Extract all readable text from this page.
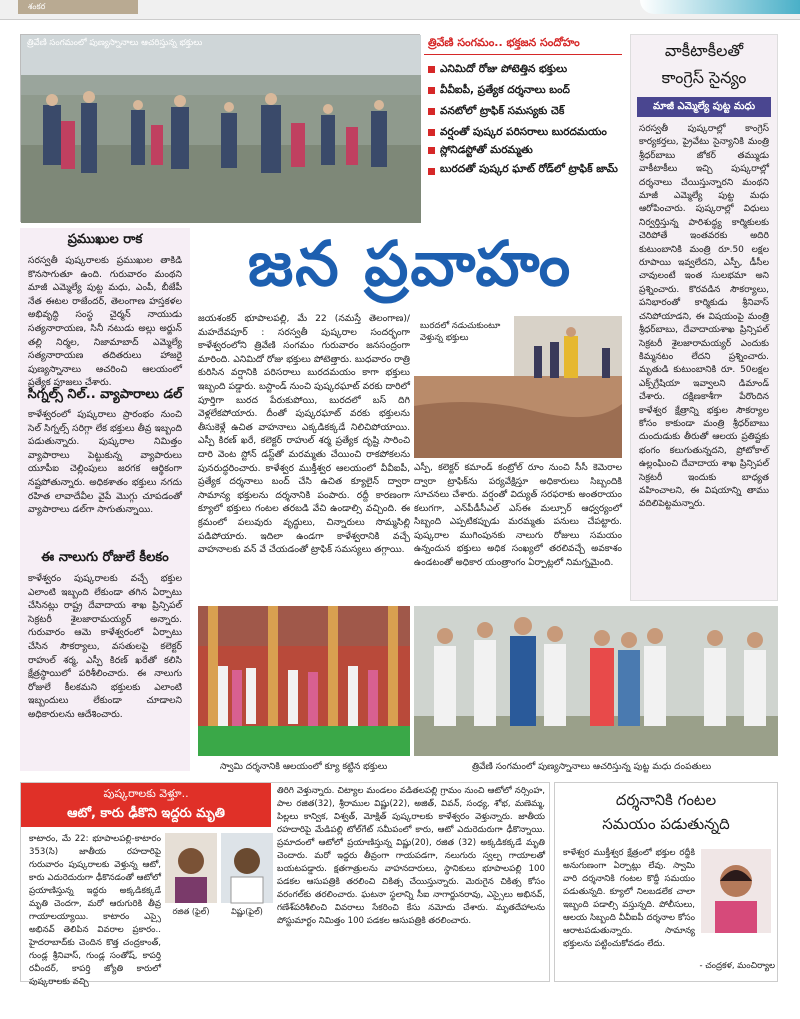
శంకర
త్రివేణి సంగమంలో పుణ్యస్నానాలు ఆచరిస్తున్న భక్తులు	త్రివేణి సంగమం.. భక్తజన సందోహం
ఎనిమిదో రోజు పోటెత్తిన భక్తులు
వీవీఐపీ, ప్రత్యేక దర్శనాలు బంద్
వనటోలో ట్రాఫిక్ సమస్యకు చెక్
వర్షంతో పుష్కర పరిసరాలు బురదమయం
స్లోనిడస్టోతో మరమ్మతు
బురదతో పుష్కర ఘాట్ రోడ్‌లో ట్రాఫిక్ జామ్
వాకీటాకీలతో
కాంగ్రెస్ సైన్యం
మాజీ ఎమ్మెల్యే పుట్ట మధు
సరస్వతీ పుష్కరాల్లో కాంగ్రెస్ కార్యకర్తలు, ప్రైవేటు సైన్యానికి మంత్రి శ్రీధర్‌బాబు జోకర్ తమ్ముడు వాకీటాకీలు ఇచ్చి పుష్కరాల్లో దర్శనాలు చేయిస్తున్నారని మంథని మాజీ ఎమ్మెల్యే పుట్ట మధు ఆరోపించారు. పుష్కరాల్లో విధులు నిర్వర్తిస్తున్న పారిశుద్ధ్య కార్మికులకు చెరిపోతే ఇంతవరకు అదిరి కుటుంబానికి మంత్రి రూ.50 లక్షల రూపాయి ఇవ్వలేదని, ఎస్పీ, డీసీల చావులంటే ఇంత సులభమా అని ప్రశ్నించారు. కొరవడిన సౌకర్యాలు, పనిభారంతో కార్మికుడు శ్రీనివాస్ చనిపోయాడని, ఈ విషయంపై మంత్రి శ్రీధర్‌బాబు, దేవాదాయశాఖ ప్రిన్సిపల్ సెక్రటరీ శైలజారామయ్యర్‌ ఎందుకు కిమ్మనటం లేదని ప్రశ్నించారు. మృతుడి కుటుంబానికి రూ. 50లక్షల ఎక్స్‌గ్రేషియా ఇవ్వాలని డిమాండ్ చేశారు. దక్షిణకాశీగా పేరొందిన కాళేశ్వర క్షేత్రాన్ని భక్తుల సౌకర్యాల కోసం కాకుండా మంత్రి శ్రీధర్‌బాబు దుందుడుకు తీరుతో ఆలయ ప్రతిష్టకు భంగం కలుగుతున్నదని, ప్రోటోకాల్ ఉల్లంఘించి దేవాదాయ శాఖ ప్రిన్సిపల్ సెక్రటరీ ఇందుకు బాధ్యత వహించాలని, ఈ విషయాన్ని తాము వదిలిపెట్టమన్నారు.
ప్రముఖుల రాక
సరస్వతీ పుష్కరాలకు ప్రముఖుల తాకిడి కొనసాగుతూ ఉంది. గురువారం మంథని మాజీ ఎమ్మెల్యే పుట్ట మధు, ఎంపీ, బీజేపీ నేత ఈటల రాజేందర్, తెలంగాణ హస్తకళల అభివృద్ధి సంస్థ చైర్మన్ నాయుడు సత్యనారాయణ, సినీ నటుడు అల్లు అర్జున్ తల్లి నిర్మల, నిజామాబాద్ ఎమ్మెల్యే సత్యనారాయణ తదితరులు హాజరై పుణ్యస్నానాలు ఆచరించి ఆలయంలో ప్రత్యేక పూజలు చేశారు.
సిగ్నల్స్ నిల్.. వ్యాపారాలు డల్
కాళేశ్వరంలో పుష్కరాలు ప్రారంభం నుంచి సెల్ సిగ్నల్స్ సరిగ్గా లేక భక్తులు తీవ్ర ఇబ్బంది పడుతున్నారు. పుష్కరాల నిమిత్తం వ్యాపారాలు పెట్టుకున్న వ్యాపారులు యూపీఐ చెల్లింపులు జరగక ఆర్థికంగా నష్టపోతున్నారు. అధికశాతం భక్తులు నగదు రహిత లావాదేవీల వైపే మొగ్గు చూపడంతో వ్యాపారాలు డల్‌గా సాగుతున్నాయి.
ఈ నాలుగు రోజులే కీలకం
కాళేశ్వరం పుష్కరాలకు వచ్చే భక్తుల ఎలాంటి ఇబ్బంది లేకుండా తగిన ఏర్పాటు చేసినట్లు రాష్ట్ర దేవాదాయ శాఖ ప్రిన్సిపల్ సెక్రటరీ శైలజారామయ్యర్ అన్నారు. గురువారం ఆమె కాళేశ్వరంలో ఏర్పాటు చేసిన సౌకర్యాలు, వసతులపై కలెక్టర్ రాహుల్ శర్మ, ఎస్పీ కిరణ్ ఖరేతో కలిసి క్షేత్రస్థాయిలో పరిశీలించారు. ఈ నాలుగు రోజులే కీలకమని భక్తులకు ఎలాంటి ఇబ్బందులు లేకుండా చూడాలని అధికారులను ఆదేశించారు.
జన ప్రవాహం
జయశంకర్ భూపాలపల్లి, మే 22 (నమస్తే తెలంగాణ)/మహదేవపూర్ : సరస్వతీ పుష్కరాల సందర్భంగా కాళేశ్వరంలోని త్రివేణి సంగమం గురువారం జనసంద్రంగా మారింది. ఎనిమిదో రోజు భక్తులు పోటెత్తారు. బుధవారం రాత్రి కురిసిన వర్షానికి పరిసరాలు బురదమయం కాగా భక్తులు ఇబ్బంది పడ్డారు. బస్టాండ్ నుంచి పుష్కరఘాట్ వరకు దారిలో పూర్తిగా బురద పేరుకుపోయి, బురదలో బస్ దిగి వెళ్లలేకపోయారు. దీంతో పుష్కరఘాట్ వరకు భక్తులను తీసుకెళ్లే ఉచిత వాహనాలు ఎక్కడికక్కడే నిలిచిపోయాయి. ఎస్పీ కిరణ్ ఖరే, కలెక్టర్ రాహుల్ శర్మ ప్రత్యేక దృష్టి సారించి దారి వెంట స్టోన్ డస్ట్‌తో మరమ్మతు చేయించి రాకపోకలను పునరుద్ధరించారు. కాళేశ్వర ముక్తీశ్వర ఆలయంలో వీవీఐపీ, ప్రత్యేక దర్శనాలు బంద్ చేసి ఉచిత క్యూలైన్ ద్వారా సామాన్య భక్తులను దర్శనానికి పంపారు. రద్దీ కారణంగా క్యూలో భక్తులు గంటల తరబడి వేచి ఉండాల్సి వచ్చింది. ఈ క్రమంలో పలువురు వృద్ధులు, చిన్నారులు సొమ్మసిల్లి పడిపోయారు. ఇదిలా ఉండగా కాళేశ్వరానికి వచ్చే వాహనాలకు వన్ వే చేయడంతో ట్రాఫిక్ సమస్యలు తగ్గాయి.
బురదలో నడుచుకుంటూ వెళ్తున్న భక్తులు
ఎస్పీ, కలెక్టర్ కమాండ్ కంట్రోల్ రూం నుంచి సీసీ కెమెరాల ద్వారా ట్రాఫిక్‌ను పర్యవేక్షిస్తూ అధికారులు సిబ్బందికి సూచనలు చేశారు. వర్షంతో విద్యుత్ సరఫరాకు అంతరాయం కలుగగా, ఎన్‌పీడీసీఎల్ ఎస్‌ఈ మల్సూర్ ఆధ్వర్యంలో సిబ్బంది ఎప్పటికప్పుడు మరమ్మతు పనులు చేపట్టారు. పుష్కరాల ముగింపునకు నాలుగు రోజులు సమయం ఉన్నందున భక్తులు అధిక సంఖ్యలో తరలివచ్చే అవకాశం ఉండటంతో అధికార యంత్రాంగం ఏర్పాట్లలో నిమగ్నమైంది.
స్వామి దర్శనానికి ఆలయంలో క్యూ కట్టిన భక్తులు	త్రివేణి సంగమంలో పుణ్యస్నానాలు ఆచరిస్తున్న పుట్ట మధు దంపతులు
పుష్కరాలకు వెళ్తూ..
ఆటో, కారు ఢీకొని ఇద్దరు మృతి
కాటారం, మే 22: భూపాలపల్లి-కాటారం 353(సి) జాతీయ రహదారిపై గురువారం పుష్కరాలకు వెళ్తున్న ఆటో, కారు ఎదురెదురుగా ఢీకొనడంతో ఆటోలో ప్రయాణిస్తున్న ఇద్దరు అక్కడికక్కడే మృతి చెందగా, మరో ఆరుగురికి తీవ్ర గాయాలయ్యాయి. కాటారం ఎస్సై అభినవ్ తెలిపిన వివరాల ప్రకారం.. హైదరాబాద్‌కు చెందిన కొత్త చంద్రకాంత్, గుండ్ల శ్రీనివాస్, గుండ్ల సంతోష్, కాపర్తి రవీందర్, కాపర్తి జ్యోతి కారులో పుష్కరాలకు వచ్చి
రజిత (ఫైల్)	విష్ణు(ఫైల్)
తిరిగి వెళ్తున్నారు. చిట్యాల మండలం వడితలపల్లి గ్రామం నుంచి ఆటోలో నర్సింహ, పాల రజిత(32), శ్రీరాముల విష్ణు(22), అజిత్, వివన్, సంధ్య, శోభ, మణెమ్మ, పిల్లలు కాన్విక, విశ్వత్, మోక్షిత్ పుష్కరాలకు కాళేశ్వరం వెళ్తున్నారు. జాతీయ రహదారిపై మేడిపల్లి టోల్‌గేట్ సమీపంలో కారు, ఆటో ఎదురెదురుగా ఢీకొన్నాయి. ప్రమాదంలో ఆటోలో ప్రయాణిస్తున్న విష్ణు(20), రజిత (32) అక్కడికక్కడే మృతి చెందారు. మరో ఇద్దరు తీవ్రంగా గాయపడగా, నలుగురు స్వల్ప గాయాలతో బయటపడ్డారు. క్షతగాత్రులను వాహనదారులు, స్థానికులు భూపాలపల్లి 100 పడకల ఆసుపత్రికి తరలించి చికిత్స చేయిస్తున్నారు. మెరుగైన చికిత్స కోసం వరంగల్‌కు తరలించారు. ఘటనా స్థలాన్ని సీఐ నాగార్జునరావు, ఎస్సైలు అభినవ్, గణేశ్‌పరిశీలించి వివరాలు సేకరించి కేసు నమోదు చేశారు. మృతదేహాలను పోస్టుమార్టం నిమిత్తం 100 పడకల ఆసుపత్రికి తరలించారు.
దర్శనానికి గంటల
సమయం పడుతున్నది
కాళేశ్వర ముక్తీశ్వర క్షేత్రంలో భక్తుల రద్దీకి అనుగుణంగా ఏర్పాట్లు లేవు. స్వామి వారి దర్శనానికి గంటల కొద్దీ సమయం పడుతున్నది. క్యూలో నిలబడలేక చాలా ఇబ్బంది పడాల్సి వస్తున్నది. పోలీసులు, ఆలయ సిబ్బంది వీవీఐపీ దర్శనాల కోసం ఆరాటపడుతున్నారు. సామాన్య భక్తులను పట్టించుకోవడం లేదు.
- చంద్రకళ, మంచిర్యాల
